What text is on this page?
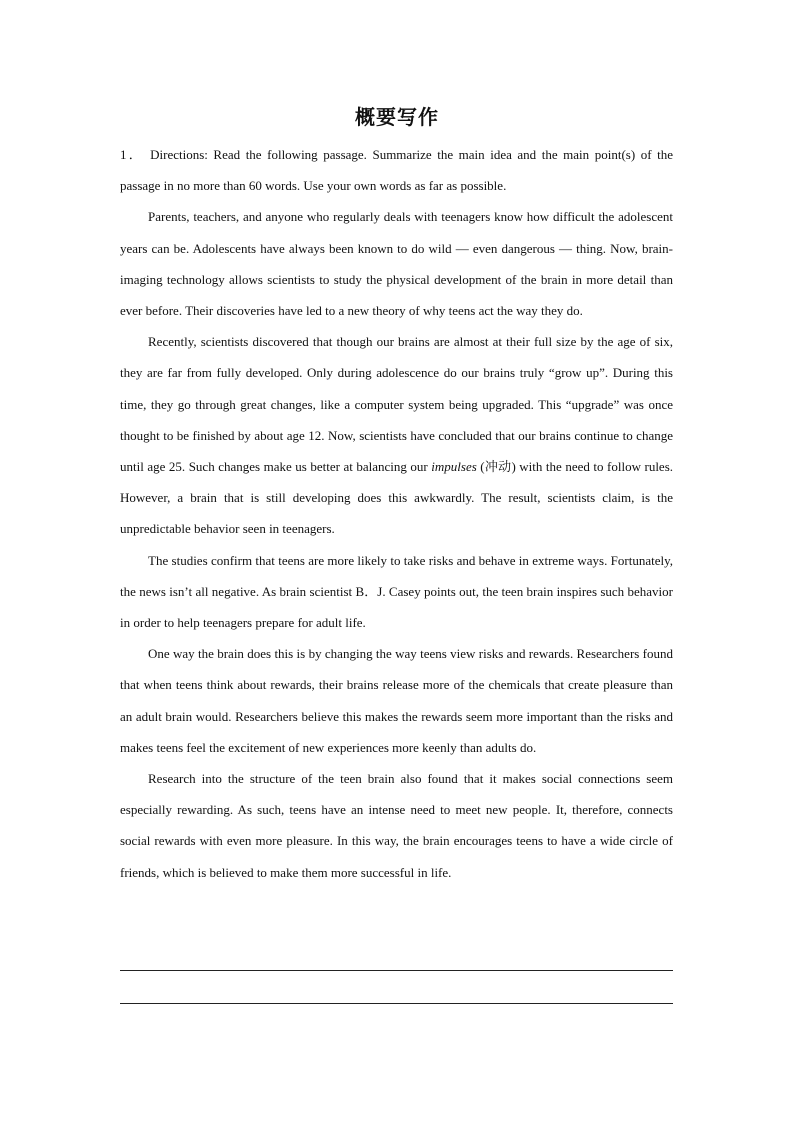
概要写作

1． Directions: Read the following passage. Summarize the main idea and the main point(s) of the passage in no more than 60 words. Use your own words as far as possible.

Parents, teachers, and anyone who regularly deals with teenagers know how difficult the adolescent years can be. Adolescents have always been known to do wild — even dangerous — thing. Now, brain-imaging technology allows scientists to study the physical development of the brain in more detail than ever before. Their discoveries have led to a new theory of why teens act the way they do.

Recently, scientists discovered that though our brains are almost at their full size by the age of six, they are far from fully developed. Only during adolescence do our brains truly “grow up”. During this time, they go through great changes, like a computer system being upgraded. This “upgrade” was once thought to be finished by about age 12. Now, scientists have concluded that our brains continue to change until age 25. Such changes make us better at balancing our impulses (冲动) with the need to follow rules. However, a brain that is still developing does this awkwardly. The result, scientists claim, is the unpredictable behavior seen in teenagers.

The studies confirm that teens are more likely to take risks and behave in extreme ways. Fortunately, the news isn’t all negative. As brain scientist B．J. Casey points out, the teen brain inspires such behavior in order to help teenagers prepare for adult life.

One way the brain does this is by changing the way teens view risks and rewards. Researchers found that when teens think about rewards, their brains release more of the chemicals that create pleasure than an adult brain would. Researchers believe this makes the rewards seem more important than the risks and makes teens feel the excitement of new experiences more keenly than adults do.

Research into the structure of the teen brain also found that it makes social connections seem especially rewarding. As such, teens have an intense need to meet new people. It, therefore, connects social rewards with even more pleasure. In this way, the brain encourages teens to have a wide circle of friends, which is believed to make them more successful in life.
